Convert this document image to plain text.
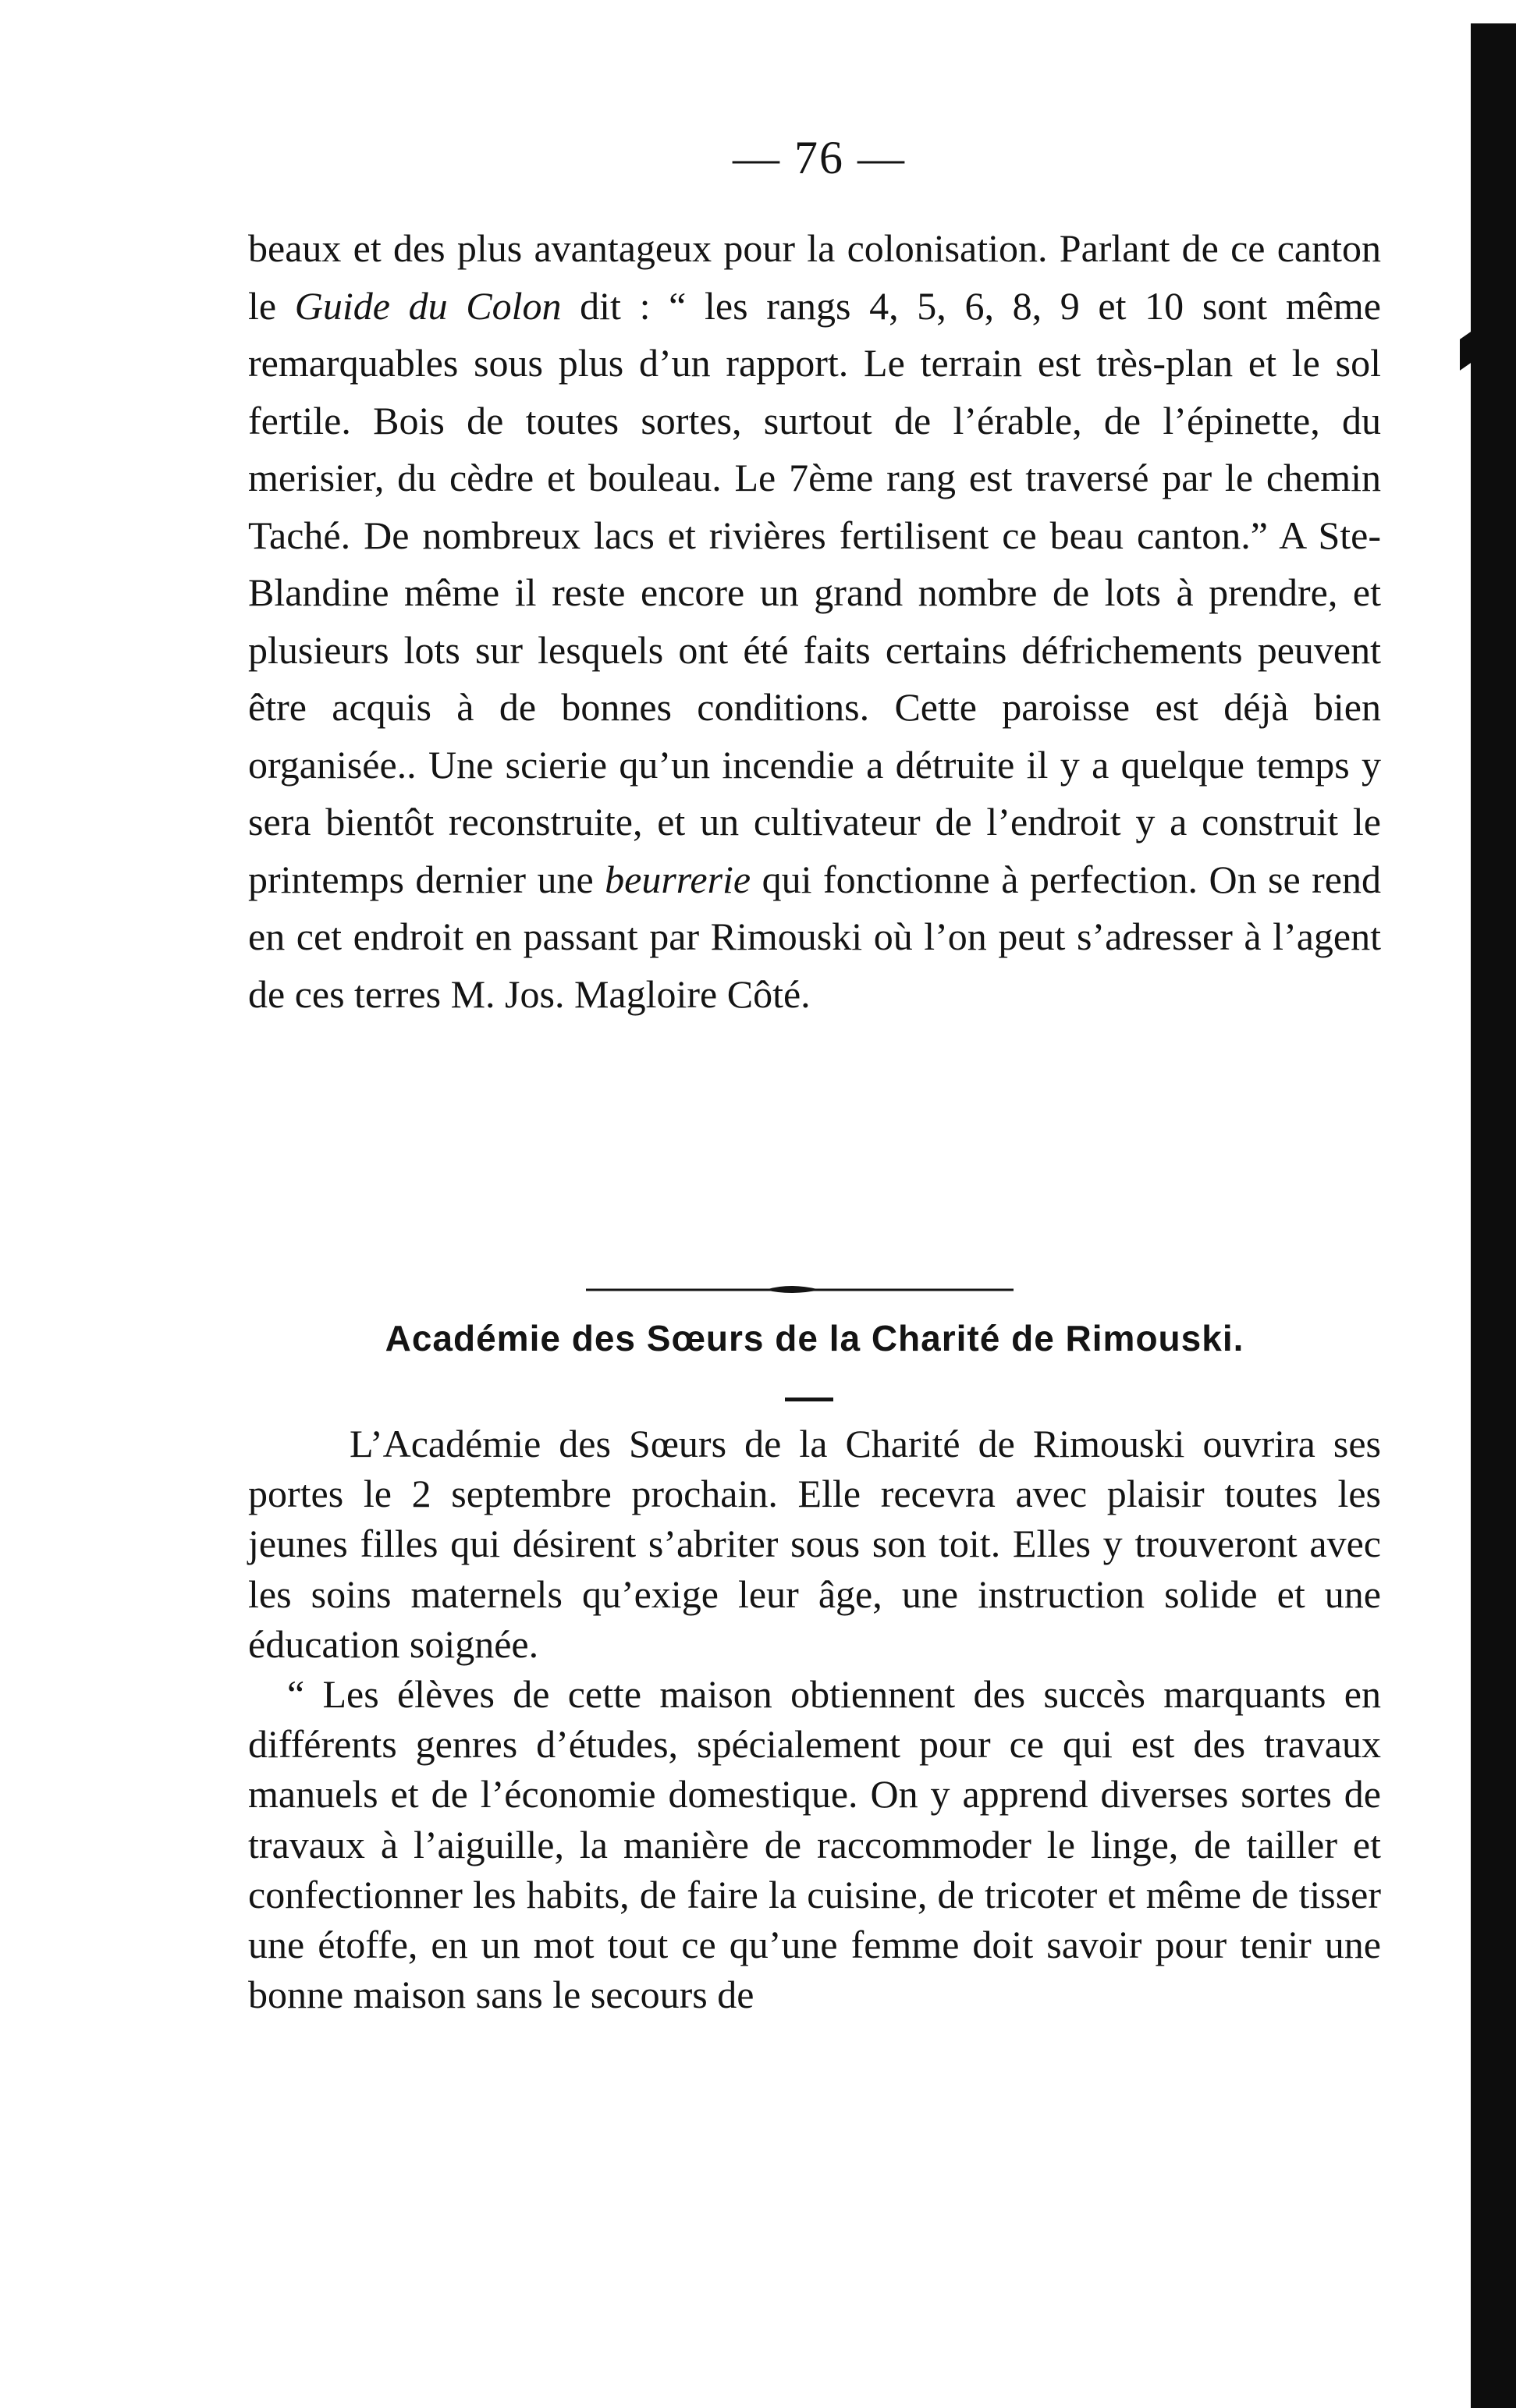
— 76 —

beaux et des plus avantageux pour la colonisation. Parlant de ce canton le Guide du Colon dit : “ les rangs 4, 5, 6, 8, 9 et 10 sont même remarquables sous plus d’un rapport. Le terrain est très-plan et le sol fertile. Bois de toutes sortes, surtout de l’érable, de l’épinette, du merisier, du cèdre et bouleau. Le 7ème rang est traversé par le chemin Taché. De nombreux lacs et rivières fertilisent ce beau canton.” A Ste-Blandine même il reste encore un grand nombre de lots à prendre, et plusieurs lots sur lesquels ont été faits certains défrichements peuvent être acquis à de bonnes conditions. Cette paroisse est déjà bien organisée.. Une scierie qu’un incendie a détruite il y a quelque temps y sera bientôt reconstruite, et un cultivateur de l’endroit y a construit le printemps dernier une beurrerie qui fonctionne à perfection. On se rend en cet endroit en passant par Rimouski où l’on peut s’adresser à l’agent de ces terres M. Jos. Magloire Côté.

Académie des Sœurs de la Charité de Rimouski.

L’Académie des Sœurs de la Charité de Rimouski ouvrira ses portes le 2 septembre prochain. Elle recevra avec plaisir toutes les jeunes filles qui désirent s’abriter sous son toit. Elles y trouveront avec les soins maternels qu’exige leur âge, une instruction solide et une éducation soignée.

“ Les élèves de cette maison obtiennent des succès marquants en différents genres d’études, spécialement pour ce qui est des travaux manuels et de l’économie domestique. On y apprend diverses sortes de travaux à l’aiguille, la manière de raccommoder le linge, de tailler et confectionner les habits, de faire la cuisine, de tricoter et même de tisser une étoffe, en un mot tout ce qu’une femme doit savoir pour tenir une bonne maison sans le secours de
